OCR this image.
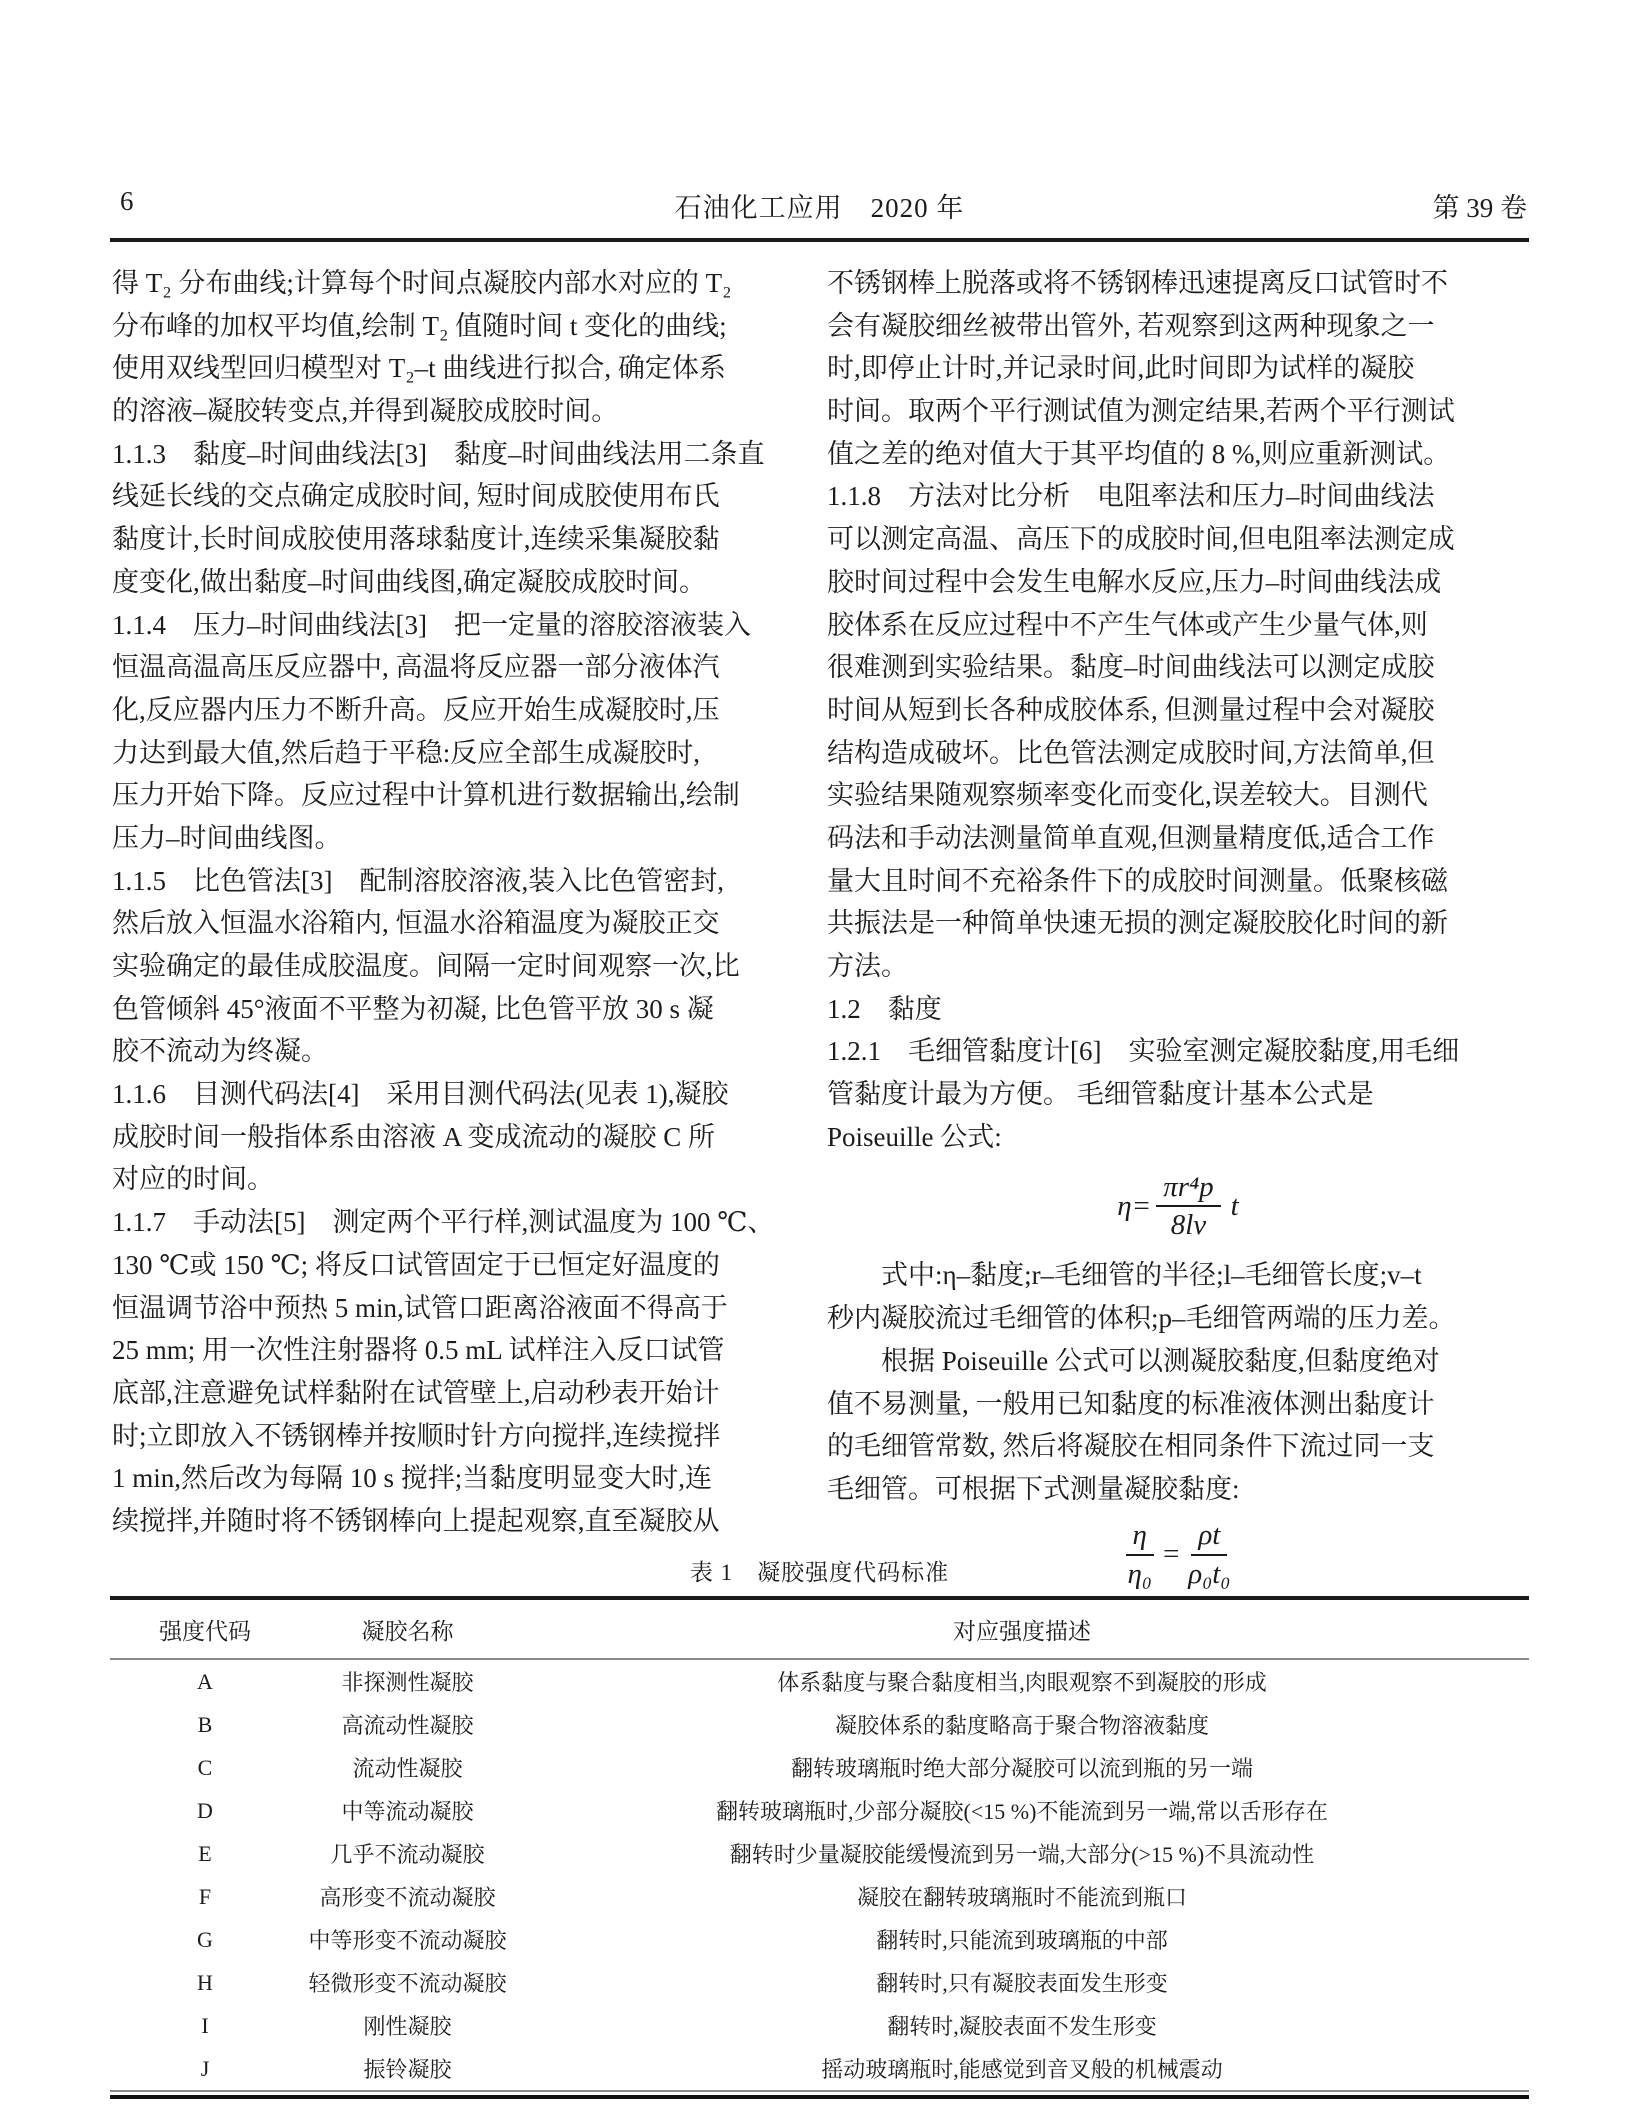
6	石油化工应用　2020 年	第 39 卷
得 T₂ 分布曲线;计算每个时间点凝胶内部水对应的 T₂
分布峰的加权平均值,绘制 T₂ 值随时间 t 变化的曲线;
使用双线型回归模型对 T₂–t 曲线进行拟合, 确定体系
的溶液–凝胶转变点,并得到凝胶成胶时间。
1.1.3　黏度–时间曲线法[3]　黏度–时间曲线法用二条直
线延长线的交点确定成胶时间, 短时间成胶使用布氏
黏度计,长时间成胶使用落球黏度计,连续采集凝胶黏
度变化,做出黏度–时间曲线图,确定凝胶成胶时间。
1.1.4　压力–时间曲线法[3]　把一定量的溶胶溶液装入
恒温高温高压反应器中, 高温将反应器一部分液体汽
化,反应器内压力不断升高。反应开始生成凝胶时,压
力达到最大值,然后趋于平稳:反应全部生成凝胶时,
压力开始下降。反应过程中计算机进行数据输出,绘制
压力–时间曲线图。
1.1.5　比色管法[3]　配制溶胶溶液,装入比色管密封,
然后放入恒温水浴箱内, 恒温水浴箱温度为凝胶正交
实验确定的最佳成胶温度。间隔一定时间观察一次,比
色管倾斜 45°液面不平整为初凝, 比色管平放 30 s 凝
胶不流动为终凝。
1.1.6　目测代码法[4]　采用目测代码法(见表 1),凝胶
成胶时间一般指体系由溶液 A 变成流动的凝胶 C 所
对应的时间。
1.1.7　手动法[5]　测定两个平行样,测试温度为 100 ℃、
130 ℃或 150 ℃; 将反口试管固定于已恒定好温度的
恒温调节浴中预热 5 min,试管口距离浴液面不得高于
25 mm; 用一次性注射器将 0.5 mL 试样注入反口试管
底部,注意避免试样黏附在试管壁上,启动秒表开始计
时;立即放入不锈钢棒并按顺时针方向搅拌,连续搅拌
1 min,然后改为每隔 10 s 搅拌;当黏度明显变大时,连
续搅拌,并随时将不锈钢棒向上提起观察,直至凝胶从
不锈钢棒上脱落或将不锈钢棒迅速提离反口试管时不
会有凝胶细丝被带出管外, 若观察到这两种现象之一
时,即停止计时,并记录时间,此时间即为试样的凝胶
时间。取两个平行测试值为测定结果,若两个平行测试
值之差的绝对值大于其平均值的 8 %,则应重新测试。
1.1.8　方法对比分析　电阻率法和压力–时间曲线法
可以测定高温、高压下的成胶时间,但电阻率法测定成
胶时间过程中会发生电解水反应,压力–时间曲线法成
胶体系在反应过程中不产生气体或产生少量气体,则
很难测到实验结果。黏度–时间曲线法可以测定成胶
时间从短到长各种成胶体系, 但测量过程中会对凝胶
结构造成破坏。比色管法测定成胶时间,方法简单,但
实验结果随观察频率变化而变化,误差较大。目测代
码法和手动法测量简单直观,但测量精度低,适合工作
量大且时间不充裕条件下的成胶时间测量。低聚核磁
共振法是一种简单快速无损的测定凝胶胶化时间的新
方法。
1.2　黏度
1.2.1　毛细管黏度计[6]　实验室测定凝胶黏度,用毛细
管黏度计最为方便。 毛细管黏度计基本公式是
Poiseuille 公式:
$\eta= \frac{\text{πr⁴p}}{8lv}$ t
　　式中:η–黏度;r–毛细管的半径;l–毛细管长度;v–t
秒内凝胶流过毛细管的体积;p–毛细管两端的压力差。
　　根据 Poiseuille 公式可以测凝胶黏度,但黏度绝对
值不易测量, 一般用已知黏度的标准液体测出黏度计
的毛细管常数, 然后将凝胶在相同条件下流过同一支
毛细管。可根据下式测量凝胶黏度:
$\frac{\eta}{\text{η₀}} = \frac{\rho t}{\text{ρ₀t₀}}$
表 1　凝胶强度代码标准
强度代码	凝胶名称	对应强度描述
A	非探测性凝胶	体系黏度与聚合黏度相当,肉眼观察不到凝胶的形成
B	高流动性凝胶	凝胶体系的黏度略高于聚合物溶液黏度
C	流动性凝胶	翻转玻璃瓶时绝大部分凝胶可以流到瓶的另一端
D	中等流动凝胶	翻转玻璃瓶时,少部分凝胶(<15 %)不能流到另一端,常以舌形存在
E	几乎不流动凝胶	翻转时少量凝胶能缓慢流到另一端,大部分(>15 %)不具流动性
F	高形变不流动凝胶	凝胶在翻转玻璃瓶时不能流到瓶口
G	中等形变不流动凝胶	翻转时,只能流到玻璃瓶的中部
H	轻微形变不流动凝胶	翻转时,只有凝胶表面发生形变
I	刚性凝胶	翻转时,凝胶表面不发生形变
J	振铃凝胶	摇动玻璃瓶时,能感觉到音叉般的机械震动
